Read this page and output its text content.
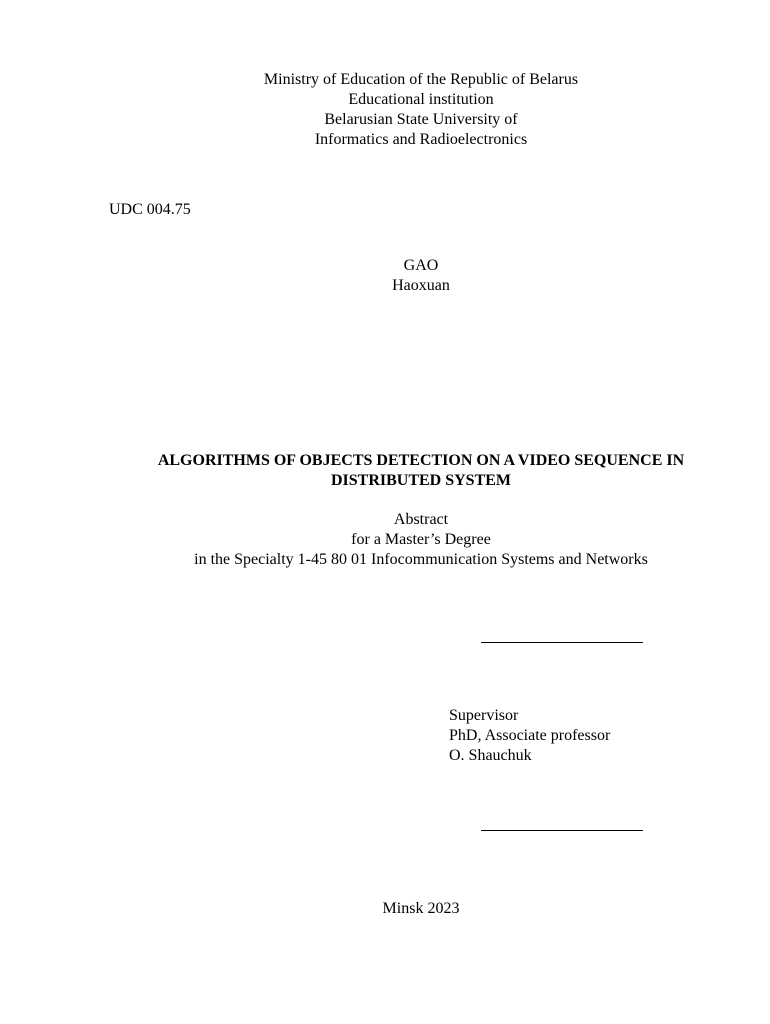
Ministry of Education of the Republic of Belarus
Educational institution
Belarusian State University of
Informatics and Radioelectronics
UDC 004.75
GAO
Haoxuan
ALGORITHMS OF OBJECTS DETECTION ON A VIDEO SEQUENCE IN
DISTRIBUTED SYSTEM
Abstract
for a Master’s Degree
in the Specialty 1-45 80 01 Infocommunication Systems and Networks
Supervisor
PhD, Associate professor
O. Shauchuk
Minsk 2023
